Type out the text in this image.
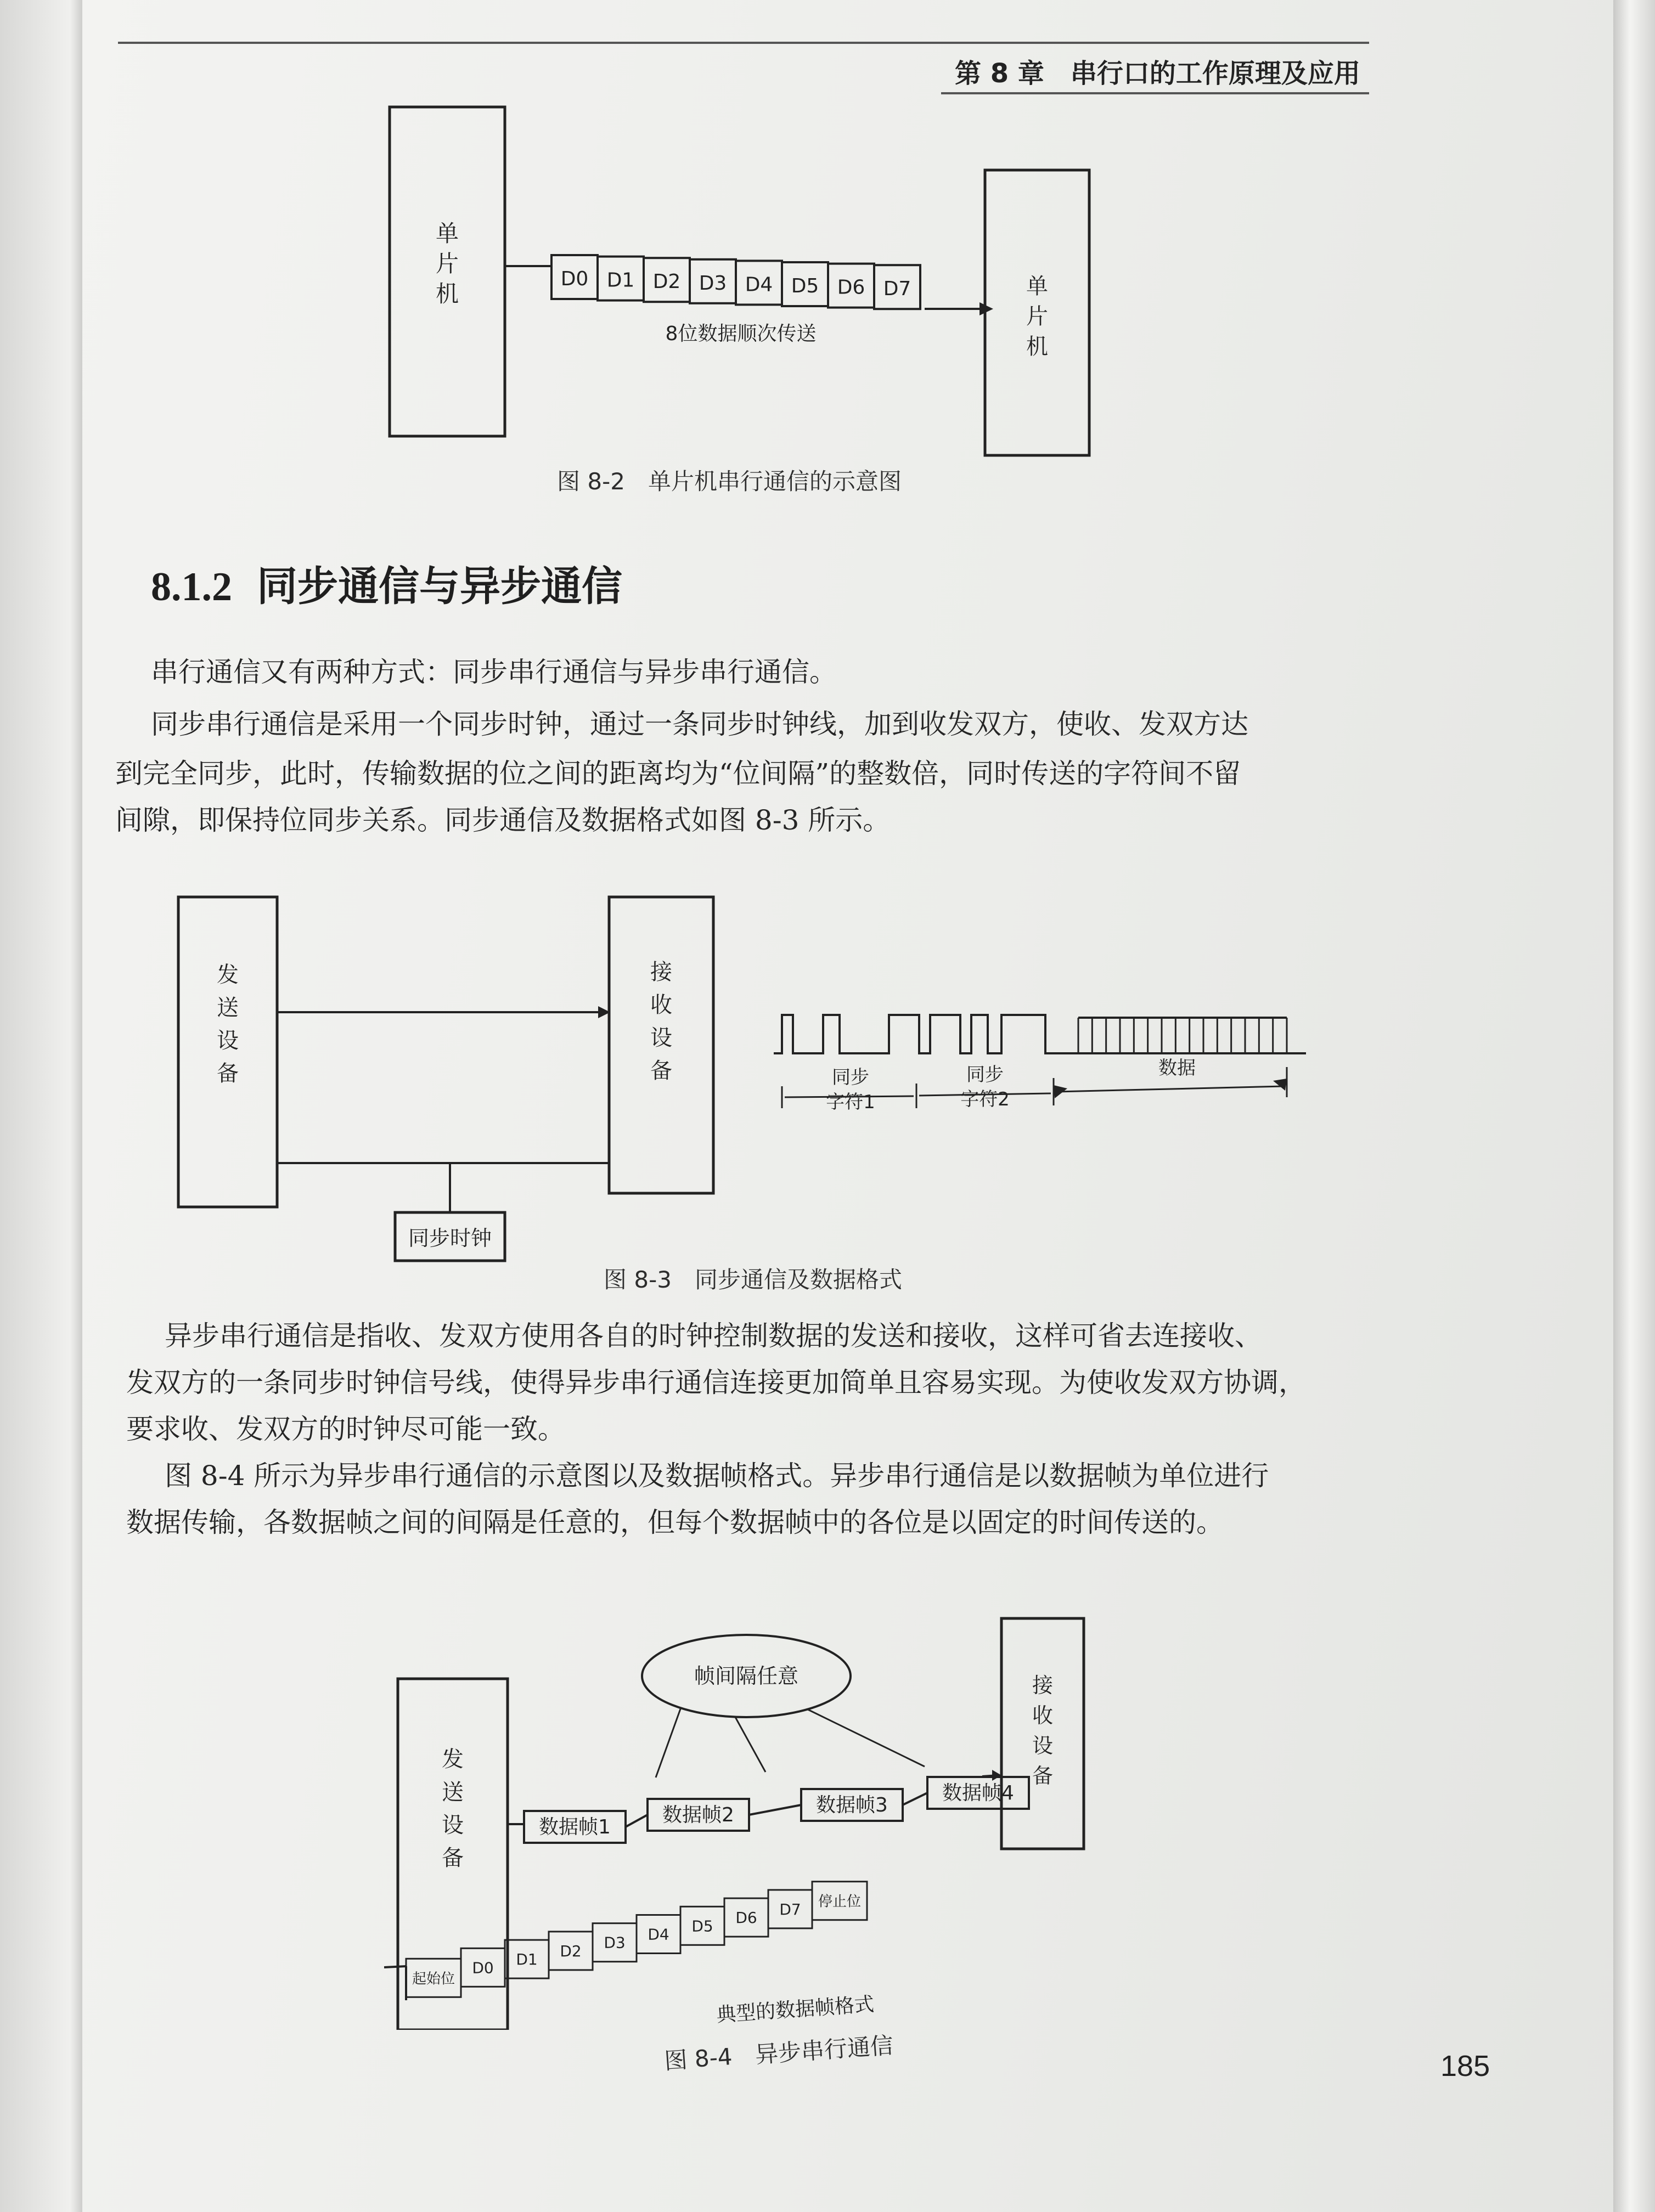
第 8 章　串行口的工作原理及应用
单
片
机
D0 D1 D2 D3 D4 D5 D6 D7
8位数据顺次传送
单
片
机
图 8-2　单片机串行通信的示意图
8.1.2 同步通信与异步通信
串行通信又有两种方式：同步串行通信与异步串行通信。
同步串行通信是采用一个同步时钟，通过一条同步时钟线，加到收发双方，使收、发双方达
到完全同步，此时，传输数据的位之间的距离均为“位间隔”的整数倍，同时传送的字符间不留
间隙，即保持位同步关系。同步通信及数据格式如图 8-3 所示。
发
送
设
备
接
收
设
备
同步时钟
同步
字符1
同步
字符2
数据
图 8-3　同步通信及数据格式
异步串行通信是指收、发双方使用各自的时钟控制数据的发送和接收，这样可省去连接收、
发双方的一条同步时钟信号线，使得异步串行通信连接更加简单且容易实现。为使收发双方协调，
要求收、发双方的时钟尽可能一致。
图 8-4 所示为异步串行通信的示意图以及数据帧格式。异步串行通信是以数据帧为单位进行
数据传输，各数据帧之间的间隔是任意的，但每个数据帧中的各位是以固定的时间传送的。
发
送
设
备
接
收
设
备
帧间隔任意
数据帧1
数据帧2	数据帧3
数据帧4
起始位
D0 D1 D2 D3 D4 D5 D6 D7 停止位
典型的数据帧格式
图 8-4　异步串行通信	185
